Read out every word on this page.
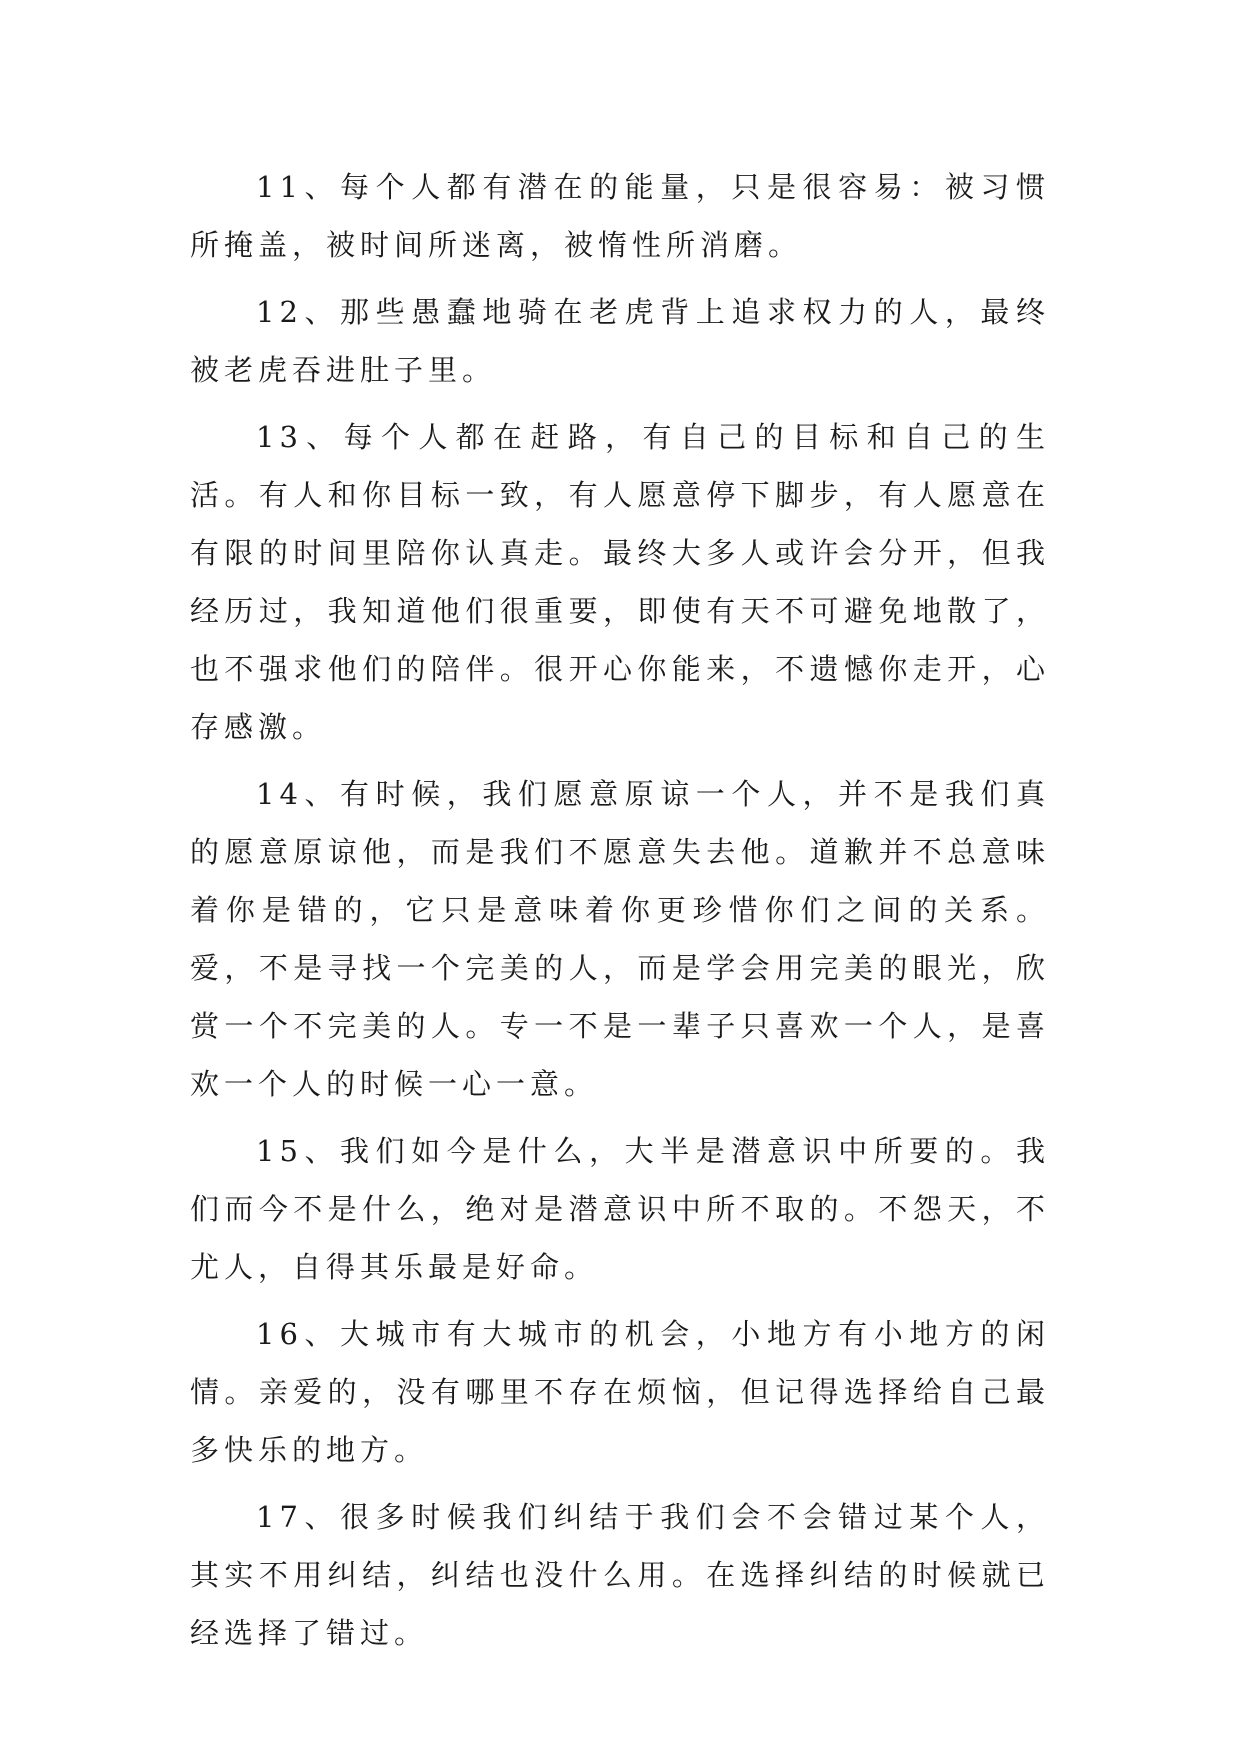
11、每个人都有潜在的能量，只是很容易：被习惯所掩盖，被时间所迷离，被惰性所消磨。

12、那些愚蠢地骑在老虎背上追求权力的人，最终被老虎吞进肚子里。

13、每个人都在赶路，有自己的目标和自己的生活。有人和你目标一致，有人愿意停下脚步，有人愿意在有限的时间里陪你认真走。最终大多人或许会分开，但我经历过，我知道他们很重要，即使有天不可避免地散了，也不强求他们的陪伴。很开心你能来，不遗憾你走开，心存感激。

14、有时候，我们愿意原谅一个人，并不是我们真的愿意原谅他，而是我们不愿意失去他。道歉并不总意味着你是错的，它只是意味着你更珍惜你们之间的关系。爱，不是寻找一个完美的人，而是学会用完美的眼光，欣赏一个不完美的人。专一不是一辈子只喜欢一个人，是喜欢一个人的时候一心一意。

15、我们如今是什么，大半是潜意识中所要的。我们而今不是什么，绝对是潜意识中所不取的。不怨天，不尤人，自得其乐最是好命。

16、大城市有大城市的机会，小地方有小地方的闲情。亲爱的，没有哪里不存在烦恼，但记得选择给自己最多快乐的地方。

17、很多时候我们纠结于我们会不会错过某个人，其实不用纠结，纠结也没什么用。在选择纠结的时候就已经选择了错过。
